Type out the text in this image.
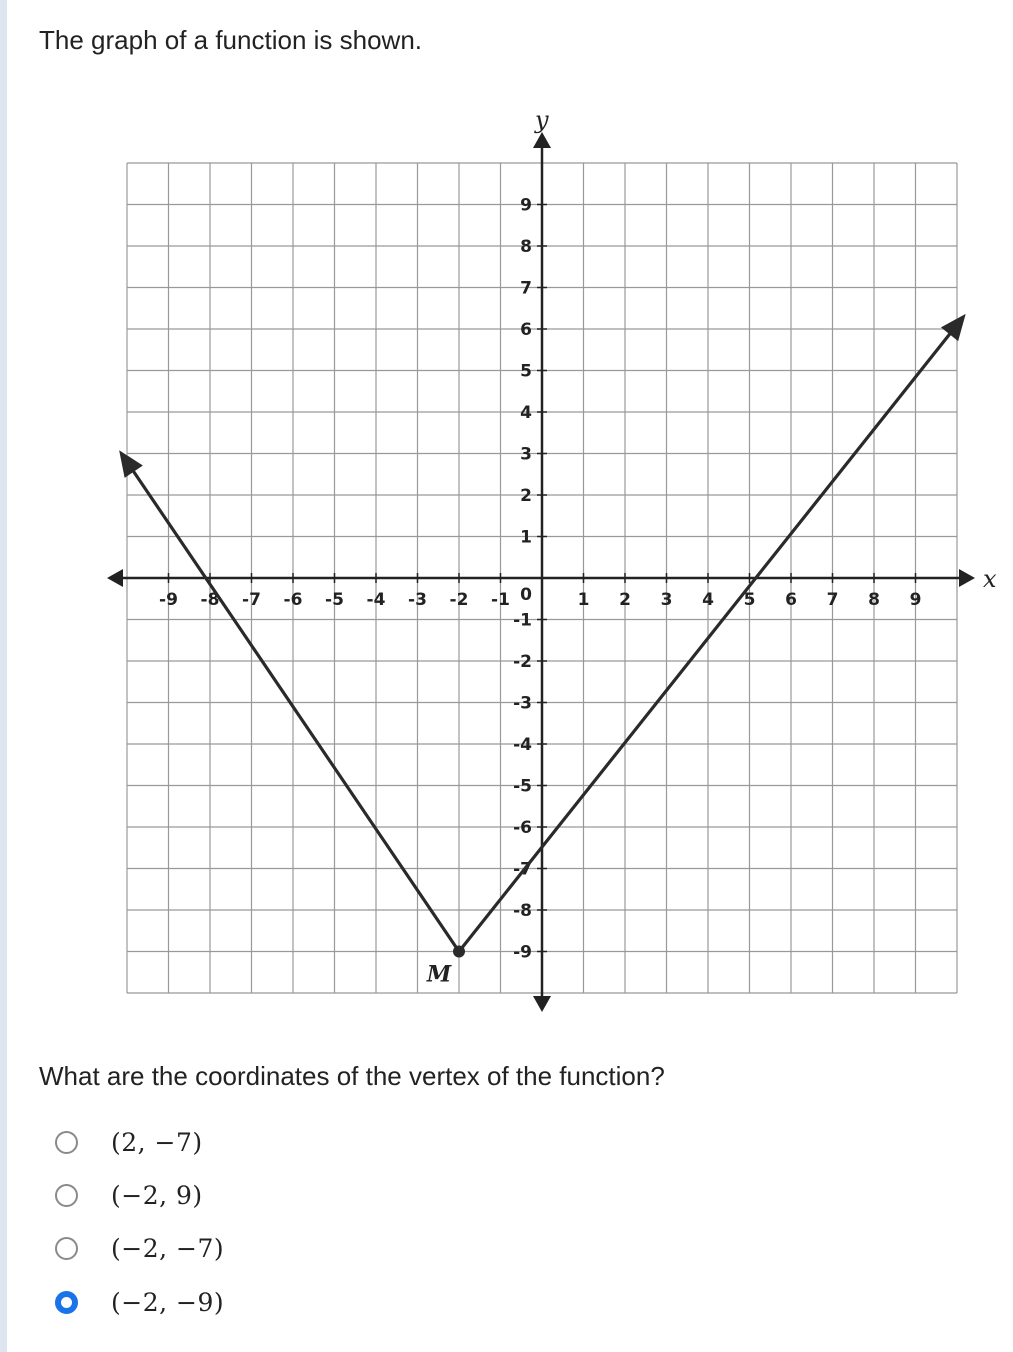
The graph of a function is shown.
x
y
-9 -8 -7 -6 -5 -4 -3 -2 -1	1 2 3 4 5 6 7 8 9
9
8
7
6
5
4
3
2
1
-1
-2
-3
-4
-5
-6
-7
-8
-9
0
M
What are the coordinates of the vertex of the function?
(2, −7)
(−2, 9)
(−2, −7)
(−2, −9)
